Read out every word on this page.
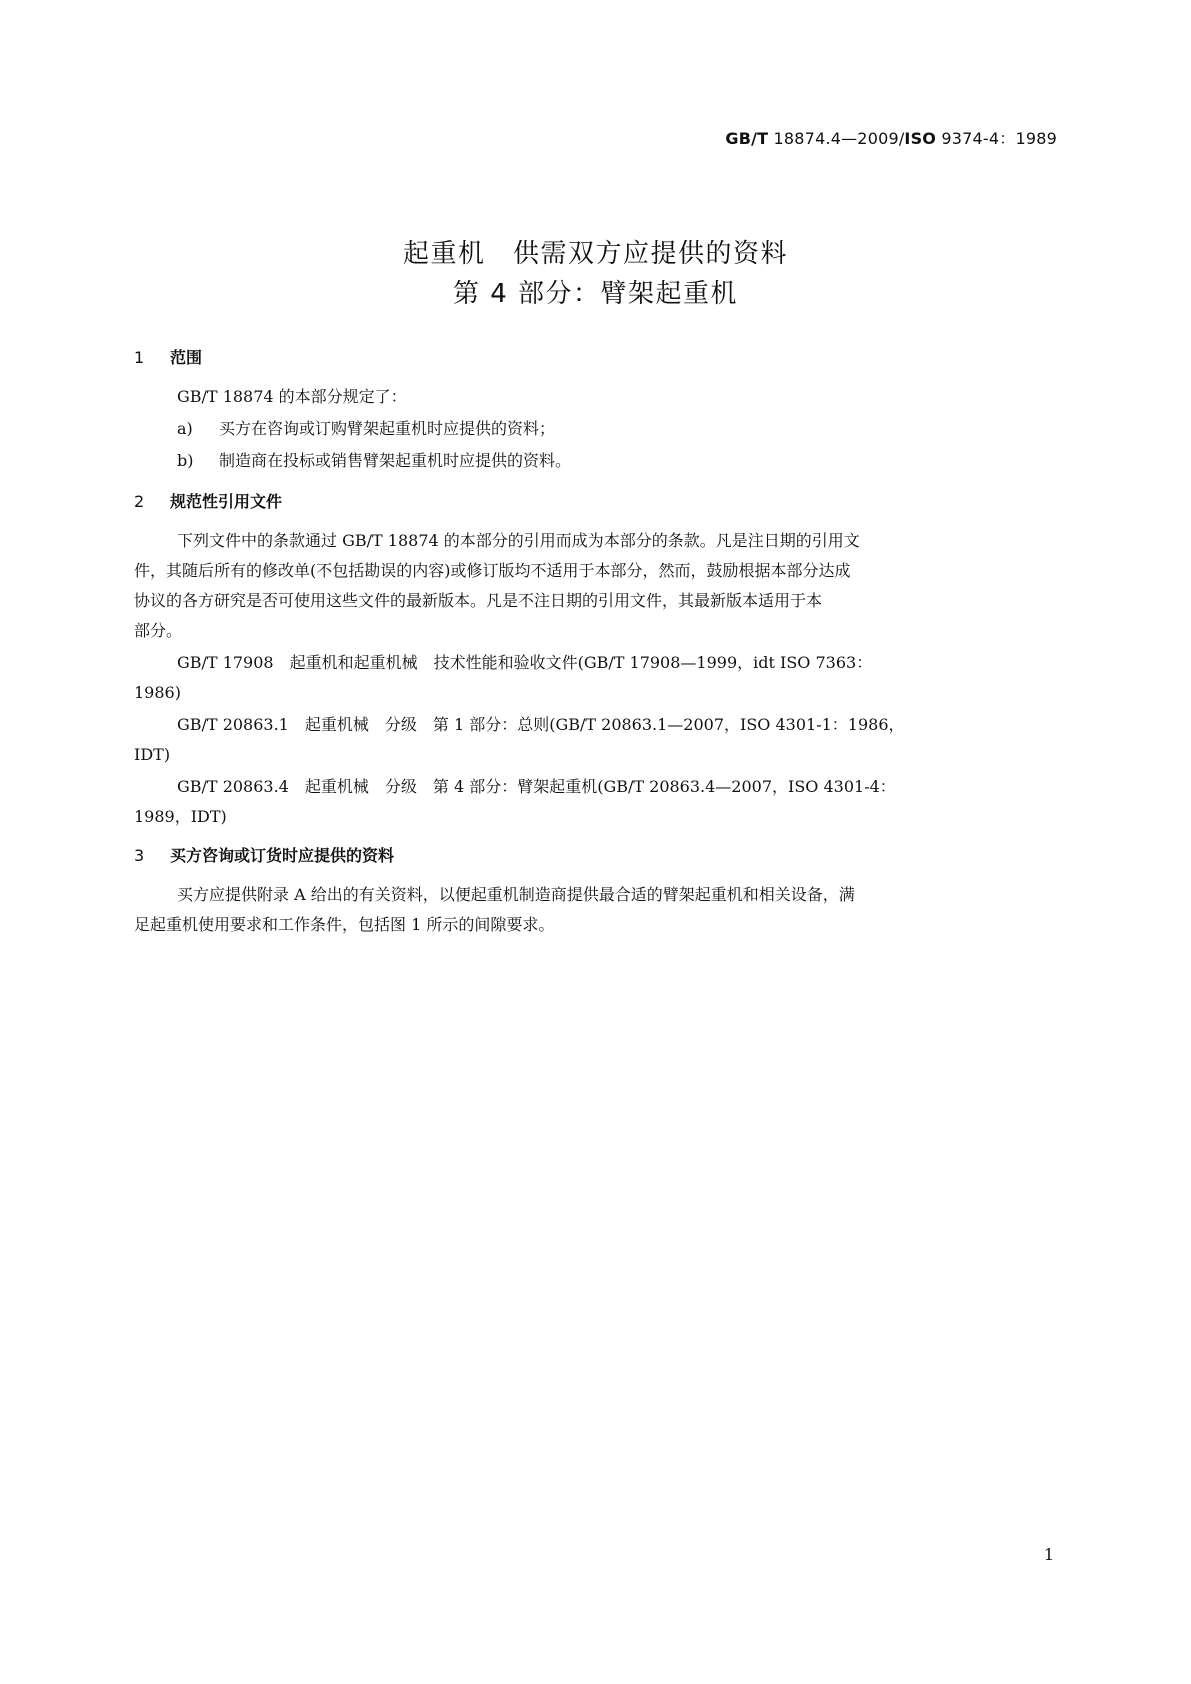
GB/T 18874.4—2009/ISO 9374-4：1989
起重机　供需双方应提供的资料
第 4 部分：臂架起重机
1 范围
GB/T 18874 的本部分规定了：
a) 买方在咨询或订购臂架起重机时应提供的资料；
b) 制造商在投标或销售臂架起重机时应提供的资料。
2 规范性引用文件
下列文件中的条款通过 GB/T 18874 的本部分的引用而成为本部分的条款。凡是注日期的引用文
件，其随后所有的修改单(不包括勘误的内容)或修订版均不适用于本部分，然而，鼓励根据本部分达成
协议的各方研究是否可使用这些文件的最新版本。凡是不注日期的引用文件，其最新版本适用于本
部分。
GB/T 17908　起重机和起重机械　技术性能和验收文件(GB/T 17908—1999，idt ISO 7363：
1986)
GB/T 20863.1　起重机械　分级　第 1 部分：总则(GB/T 20863.1—2007，ISO 4301-1：1986，
IDT)
GB/T 20863.4　起重机械　分级　第 4 部分：臂架起重机(GB/T 20863.4—2007，ISO 4301-4：
1989，IDT)
3 买方咨询或订货时应提供的资料
买方应提供附录 A 给出的有关资料，以便起重机制造商提供最合适的臂架起重机和相关设备，满
足起重机使用要求和工作条件，包括图 1 所示的间隙要求。
1
